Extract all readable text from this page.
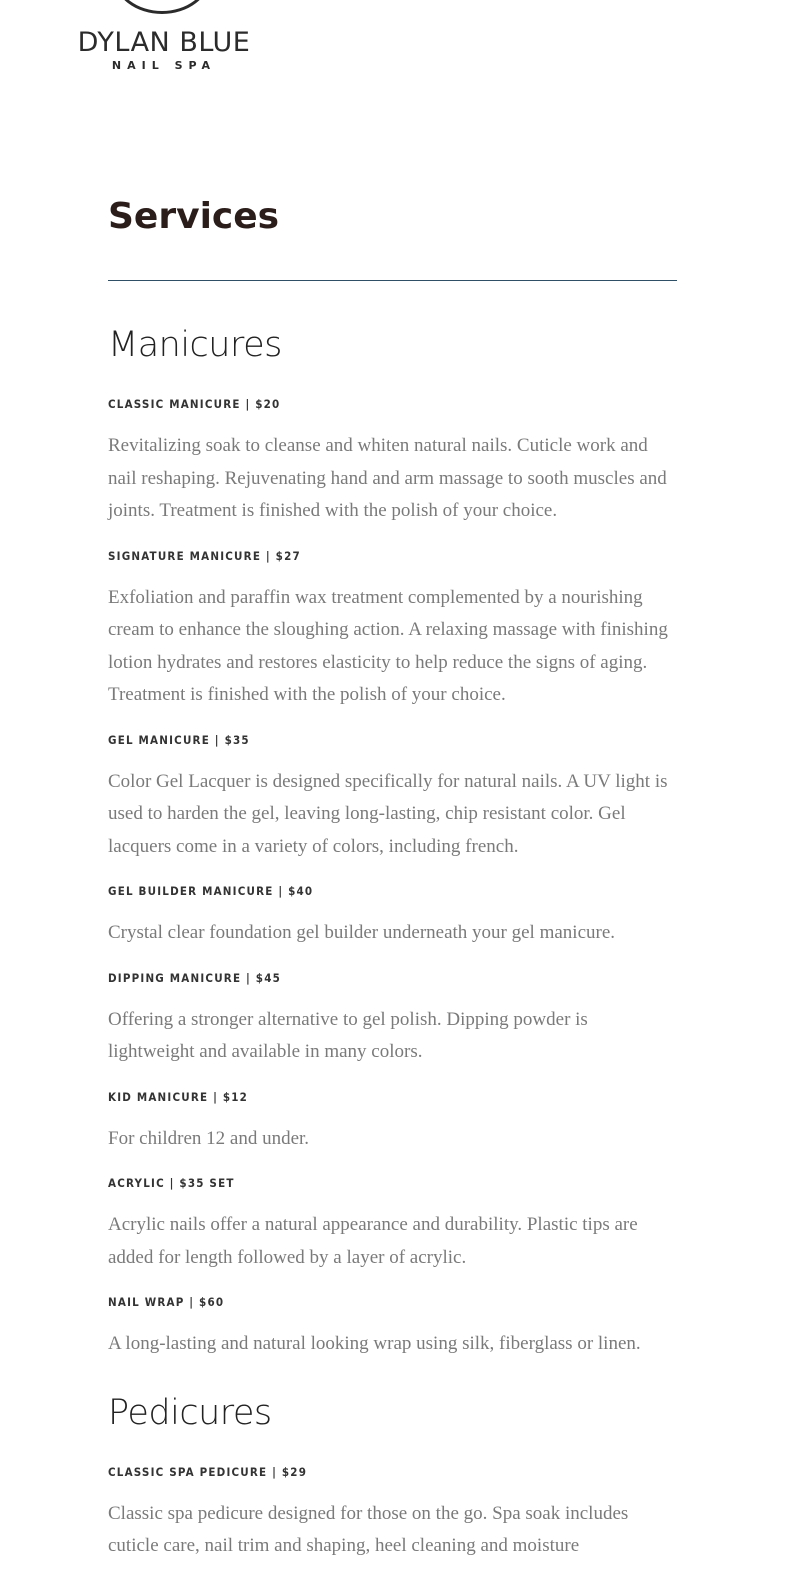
DYLAN BLUE
NAIL SPA
Services
Manicures
CLASSIC MANICURE | $20

Revitalizing soak to cleanse and whiten natural nails. Cuticle work and nail reshaping. Rejuvenating hand and arm massage to sooth muscles and joints. Treatment is finished with the polish of your choice.

SIGNATURE MANICURE | $27

Exfoliation and paraffin wax treatment complemented by a nourishing cream to enhance the sloughing action. A relaxing massage with finishing lotion hydrates and restores elasticity to help reduce the signs of aging. Treatment is finished with the polish of your choice.

GEL MANICURE | $35

Color Gel Lacquer is designed specifically for natural nails. A UV light is used to harden the gel, leaving long-lasting, chip resistant color. Gel lacquers come in a variety of colors, including french.

GEL BUILDER MANICURE | $40

Crystal clear foundation gel builder underneath your gel manicure.

DIPPING MANICURE | $45

Offering a stronger alternative to gel polish. Dipping powder is lightweight and available in many colors.

KID MANICURE | $12

For children 12 and under.

ACRYLIC | $35 SET

Acrylic nails offer a natural appearance and durability. Plastic tips are added for length followed by a layer of acrylic.

NAIL WRAP | $60

A long-lasting and natural looking wrap using silk, fiberglass or linen.

Pedicures
CLASSIC SPA PEDICURE | $29

Classic spa pedicure designed for those on the go. Spa soak includes cuticle care, nail trim and shaping, heel cleaning and moisture
